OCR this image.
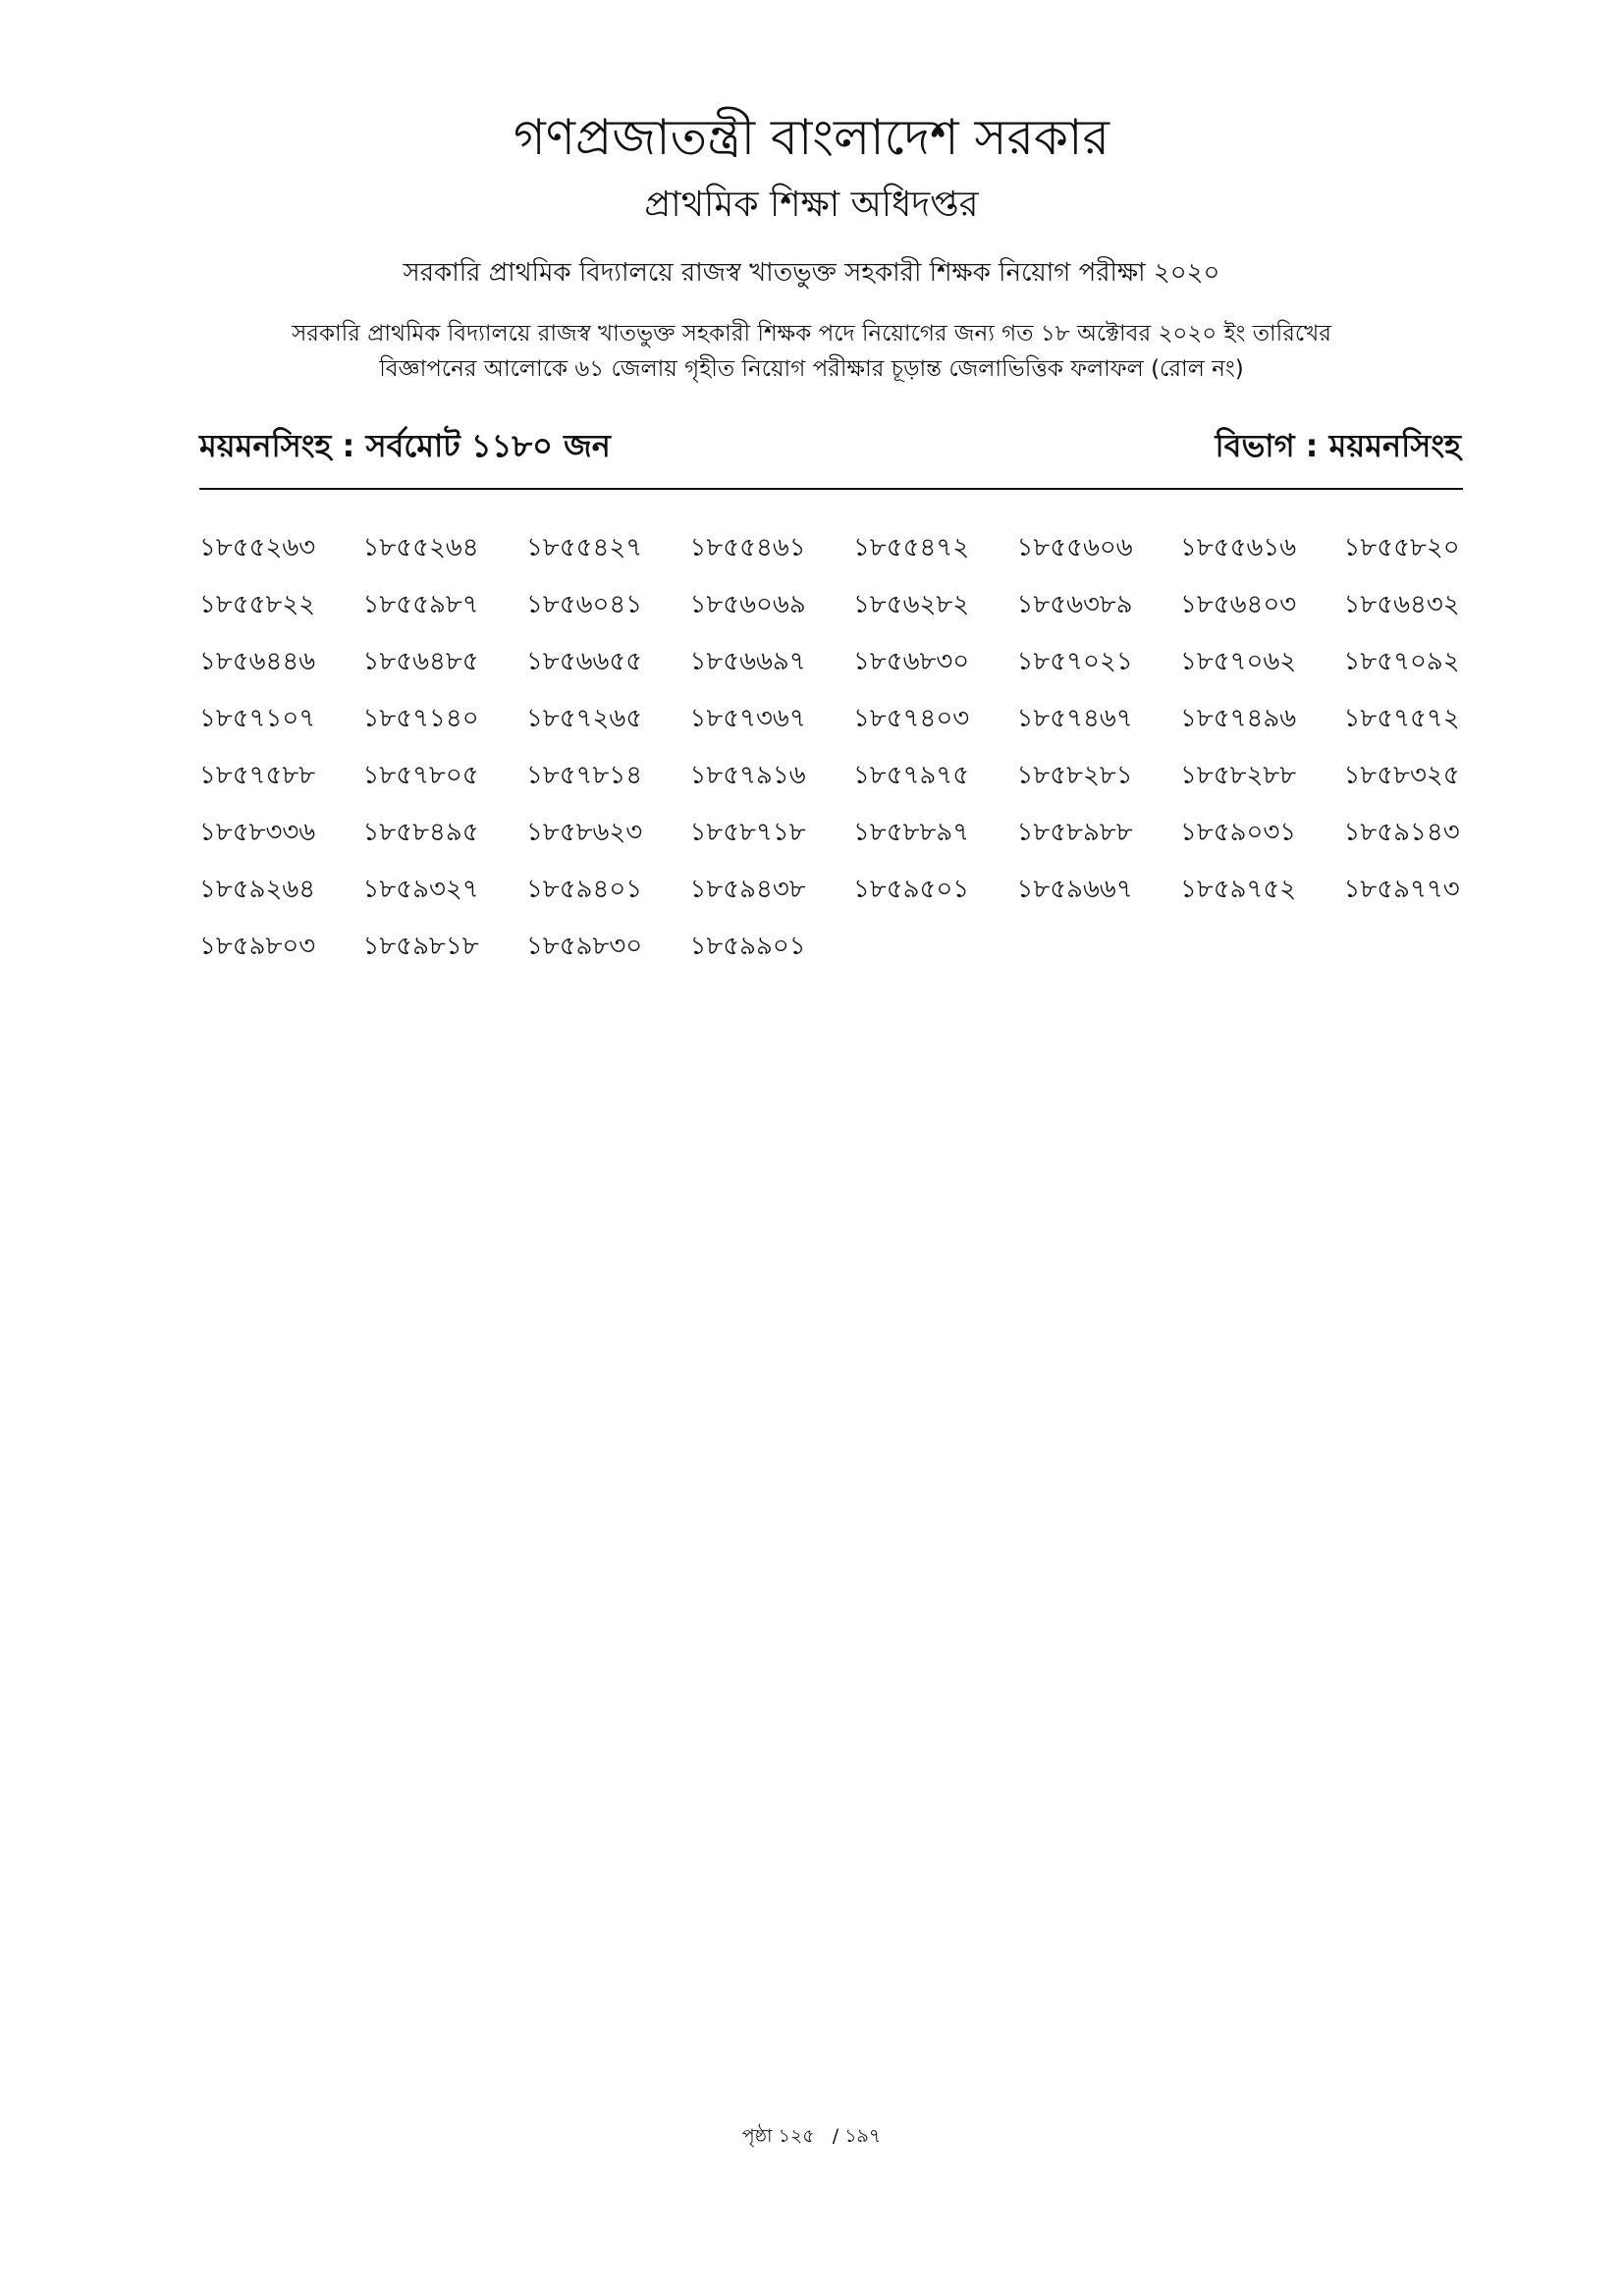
গণপ্রজাতন্ত্রী বাংলাদেশ সরকার
প্রাথমিক শিক্ষা অধিদপ্তর
সরকারি প্রাথমিক বিদ্যালয়ে রাজস্ব খাতভুক্ত সহকারী শিক্ষক নিয়োগ পরীক্ষা ২০২০
সরকারি প্রাথমিক বিদ্যালয়ে রাজস্ব খাতভুক্ত সহকারী শিক্ষক পদে নিয়োগের জন্য গত ১৮ অক্টোবর ২০২০ ইং তারিখের
বিজ্ঞাপনের আলোকে ৬১ জেলায় গৃহীত নিয়োগ পরীক্ষার চূড়ান্ত জেলাভিত্তিক ফলাফল (রোল নং)
ময়মনসিংহ : সর্বমোট ১১৮০ জন	বিভাগ : ময়মনসিংহ
১৮৫৫২৬৩	১৮৫৫২৬৪	১৮৫৫৪২৭	১৮৫৫৪৬১	১৮৫৫৪৭২	১৮৫৫৬০৬	১৮৫৫৬১৬	১৮৫৫৮২০
১৮৫৫৮২২	১৮৫৫৯৮৭	১৮৫৬০৪১	১৮৫৬০৬৯	১৮৫৬২৮২	১৮৫৬৩৮৯	১৮৫৬৪০৩	১৮৫৬৪৩২
১৮৫৬৪৪৬	১৮৫৬৪৮৫	১৮৫৬৬৫৫	১৮৫৬৬৯৭	১৮৫৬৮৩০	১৮৫৭০২১	১৮৫৭০৬২	১৮৫৭০৯২
১৮৫৭১০৭	১৮৫৭১৪০	১৮৫৭২৬৫	১৮৫৭৩৬৭	১৮৫৭৪০৩	১৮৫৭৪৬৭	১৮৫৭৪৯৬	১৮৫৭৫৭২
১৮৫৭৫৮৮	১৮৫৭৮০৫	১৮৫৭৮১৪	১৮৫৭৯১৬	১৮৫৭৯৭৫	১৮৫৮২৮১	১৮৫৮২৮৮	১৮৫৮৩২৫
১৮৫৮৩৩৬	১৮৫৮৪৯৫	১৮৫৮৬২৩	১৮৫৮৭১৮	১৮৫৮৮৯৭	১৮৫৮৯৮৮	১৮৫৯০৩১	১৮৫৯১৪৩
১৮৫৯২৬৪	১৮৫৯৩২৭	১৮৫৯৪০১	১৮৫৯৪৩৮	১৮৫৯৫০১	১৮৫৯৬৬৭	১৮৫৯৭৫২	১৮৫৯৭৭৩
১৮৫৯৮০৩	১৮৫৯৮১৮	১৮৫৯৮৩০	১৮৫৯৯০১
পৃষ্ঠা ১২৫ / ১৯৭
